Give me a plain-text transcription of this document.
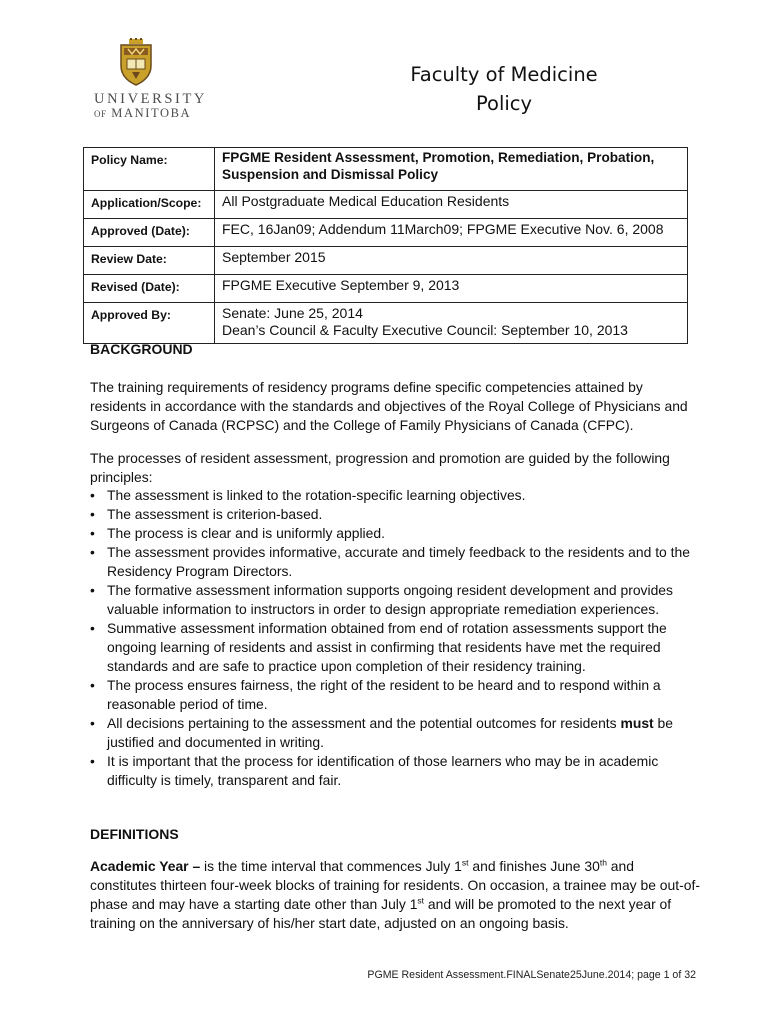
UNIVERSITY
OF MANITOBA
Faculty of Medicine
Policy
Policy Name:	FPGME Resident Assessment, Promotion, Remediation, Probation,
Suspension and Dismissal Policy

Application/Scope:	All Postgraduate Medical Education Residents
Approved (Date):	FEC, 16Jan09; Addendum 11March09; FPGME Executive Nov. 6, 2008
Review Date:	September 2015
Revised (Date):	FPGME Executive September 9, 2013
Approved By:	Senate: June 25, 2014
Dean’s Council & Faculty Executive Council: September 10, 2013
BACKGROUND

The training requirements of residency programs define specific competencies attained by residents in accordance with the standards and objectives of the Royal College of Physicians and Surgeons of Canada (RCPSC) and the College of Family Physicians of Canada (CFPC).

The processes of resident assessment, progression and promotion are guided by the following principles:

• The assessment is linked to the rotation-specific learning objectives.
• The assessment is criterion-based.
• The process is clear and is uniformly applied.
• The assessment provides informative, accurate and timely feedback to the residents and to the Residency Program Directors.
• The formative assessment information supports ongoing resident development and provides valuable information to instructors in order to design appropriate remediation experiences.
• Summative assessment information obtained from end of rotation assessments support the ongoing learning of residents and assist in confirming that residents have met the required standards and are safe to practice upon completion of their residency training.
• The process ensures fairness, the right of the resident to be heard and to respond within a reasonable period of time.
• All decisions pertaining to the assessment and the potential outcomes for residents must be justified and documented in writing.
• It is important that the process for identification of those learners who may be in academic difficulty is timely, transparent and fair.
DEFINITIONS

Academic Year – is the time interval that commences July 1st and finishes June 30th and constitutes thirteen four-week blocks of training for residents. On occasion, a trainee may be out-of-phase and may have a starting date other than July 1st and will be promoted to the next year of training on the anniversary of his/her start date, adjusted on an ongoing basis.

PGME Resident Assessment.FINALSenate25June.2014; page 1 of 32
